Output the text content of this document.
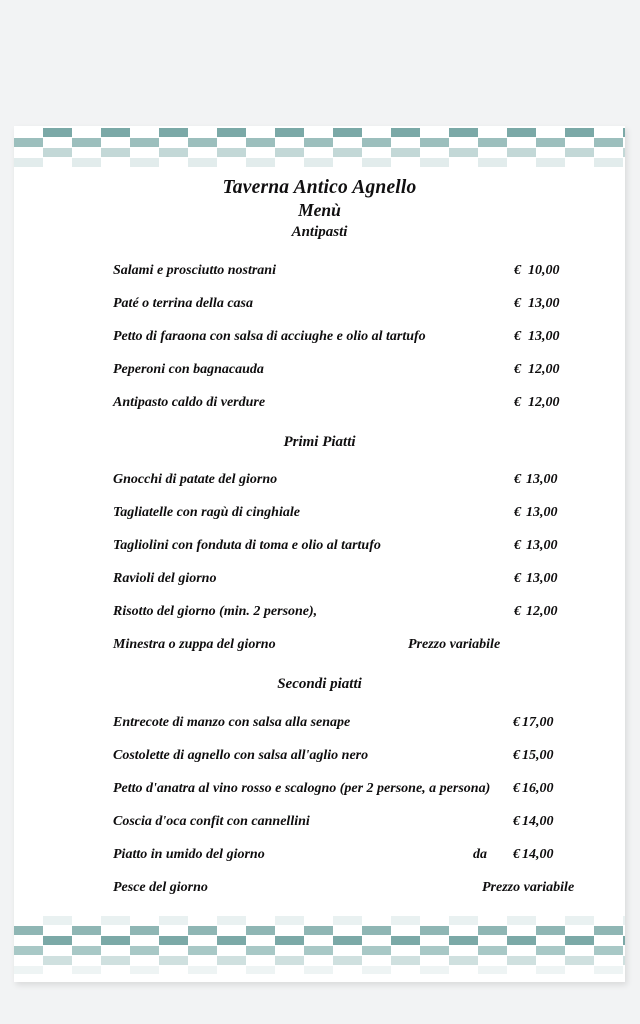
Taverna Antico Agnello
Menù
Antipasti
Salami e prosciutto nostrani	€ 10,00
Paté o terrina della casa	€ 13,00
Petto di faraona con salsa di acciughe e olio al tartufo	€ 13,00
Peperoni con bagnacauda	€ 12,00
Antipasto caldo di verdure	€ 12,00
Primi Piatti
Gnocchi di patate del giorno	€ 13,00
Tagliatelle con ragù di cinghiale	€ 13,00
Tagliolini con fonduta di toma e olio al tartufo	€ 13,00
Ravioli del giorno	€ 13,00
Risotto del giorno (min. 2 persone),	€ 12,00
Minestra o zuppa del giorno	Prezzo variabile
Secondi piatti
Entrecote di manzo con salsa alla senape	€ 17,00
Costolette di agnello con salsa all'aglio nero	€ 15,00
Petto d'anatra al vino rosso e scalogno (per 2 persone, a persona) € 16,00
Coscia d'oca confit con cannellini	€ 14,00
Piatto in umido del giorno	da € 14,00
Pesce del giorno	Prezzo variabile
